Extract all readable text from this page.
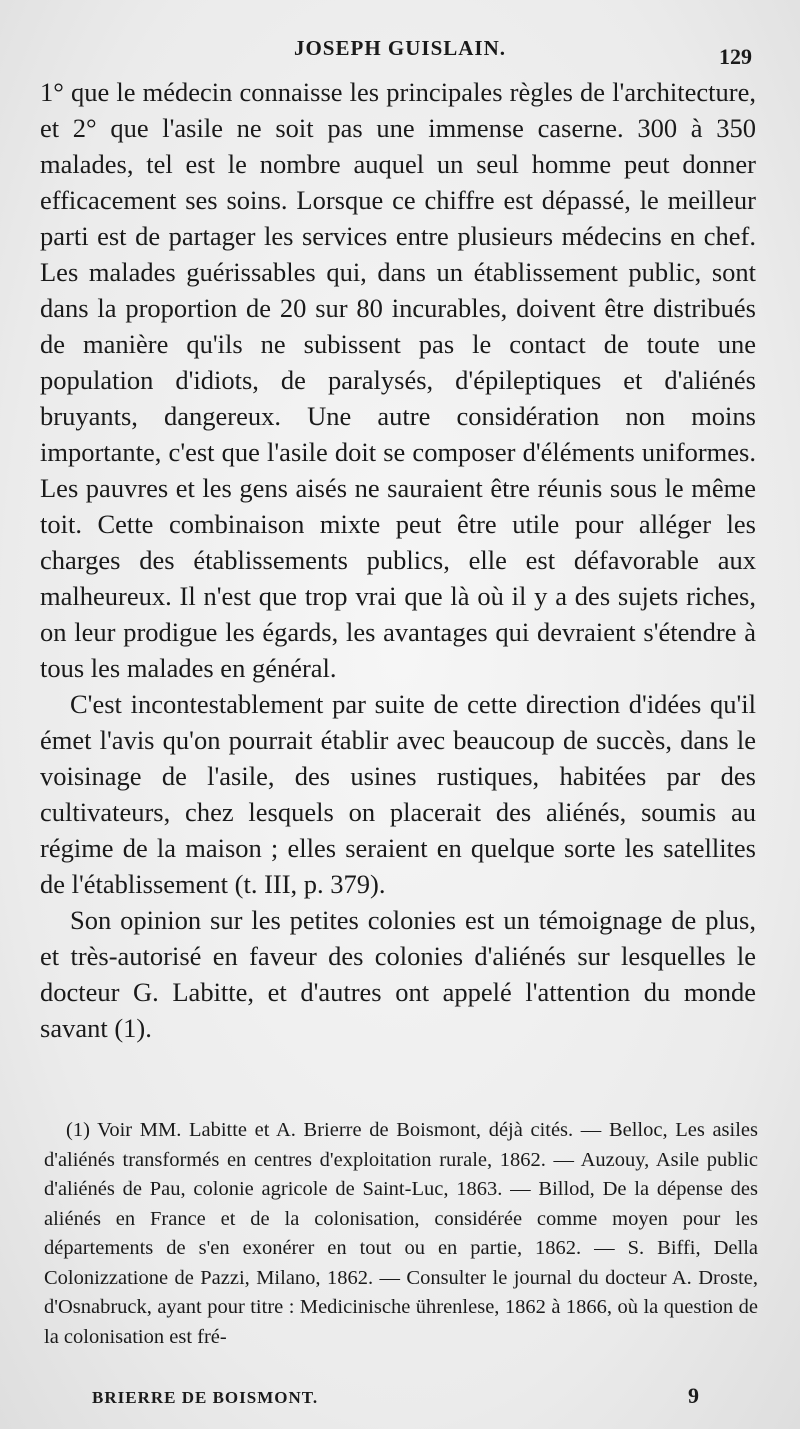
JOSEPH GUISLAIN.	129

1° que le médecin connaisse les principales règles de l'architecture, et 2° que l'asile ne soit pas une immense caserne. 300 à 350 malades, tel est le nombre auquel un seul homme peut donner efficacement ses soins. Lorsque ce chiffre est dépassé, le meilleur parti est de partager les services entre plusieurs médecins en chef. Les malades guérissables qui, dans un établissement public, sont dans la proportion de 20 sur 80 incurables, doivent être distribués de manière qu'ils ne subissent pas le contact de toute une population d'idiots, de paralysés, d'épileptiques et d'aliénés bruyants, dangereux. Une autre considération non moins importante, c'est que l'asile doit se composer d'éléments uniformes. Les pauvres et les gens aisés ne sauraient être réunis sous le même toit. Cette combinaison mixte peut être utile pour alléger les charges des établissements publics, elle est défavorable aux malheureux. Il n'est que trop vrai que là où il y a des sujets riches, on leur prodigue les égards, les avantages qui devraient s'étendre à tous les malades en général.

C'est incontestablement par suite de cette direction d'idées qu'il émet l'avis qu'on pourrait établir avec beaucoup de succès, dans le voisinage de l'asile, des usines rustiques, habitées par des cultivateurs, chez lesquels on placerait des aliénés, soumis au régime de la maison ; elles seraient en quelque sorte les satellites de l'établissement (t. III, p. 379).

Son opinion sur les petites colonies est un témoignage de plus, et très-autorisé en faveur des colonies d'aliénés sur lesquelles le docteur G. Labitte, et d'autres ont appelé l'attention du monde savant (1).

(1) Voir MM. Labitte et A. Brierre de Boismont, déjà cités. — Belloc, Les asiles d'aliénés transformés en centres d'exploitation rurale, 1862. — Auzouy, Asile public d'aliénés de Pau, colonie agricole de Saint-Luc, 1863. — Billod, De la dépense des aliénés en France et de la colonisation, considérée comme moyen pour les départements de s'en exonérer en tout ou en partie, 1862. — S. Biffi, Della Colonizzatione de Pazzi, Milano, 1862. — Consulter le journal du docteur A. Droste, d'Osnabruck, ayant pour titre : Medicinische ührenlese, 1862 à 1866, où la question de la colonisation est fré-

BRIERRE DE BOISMONT.	9
